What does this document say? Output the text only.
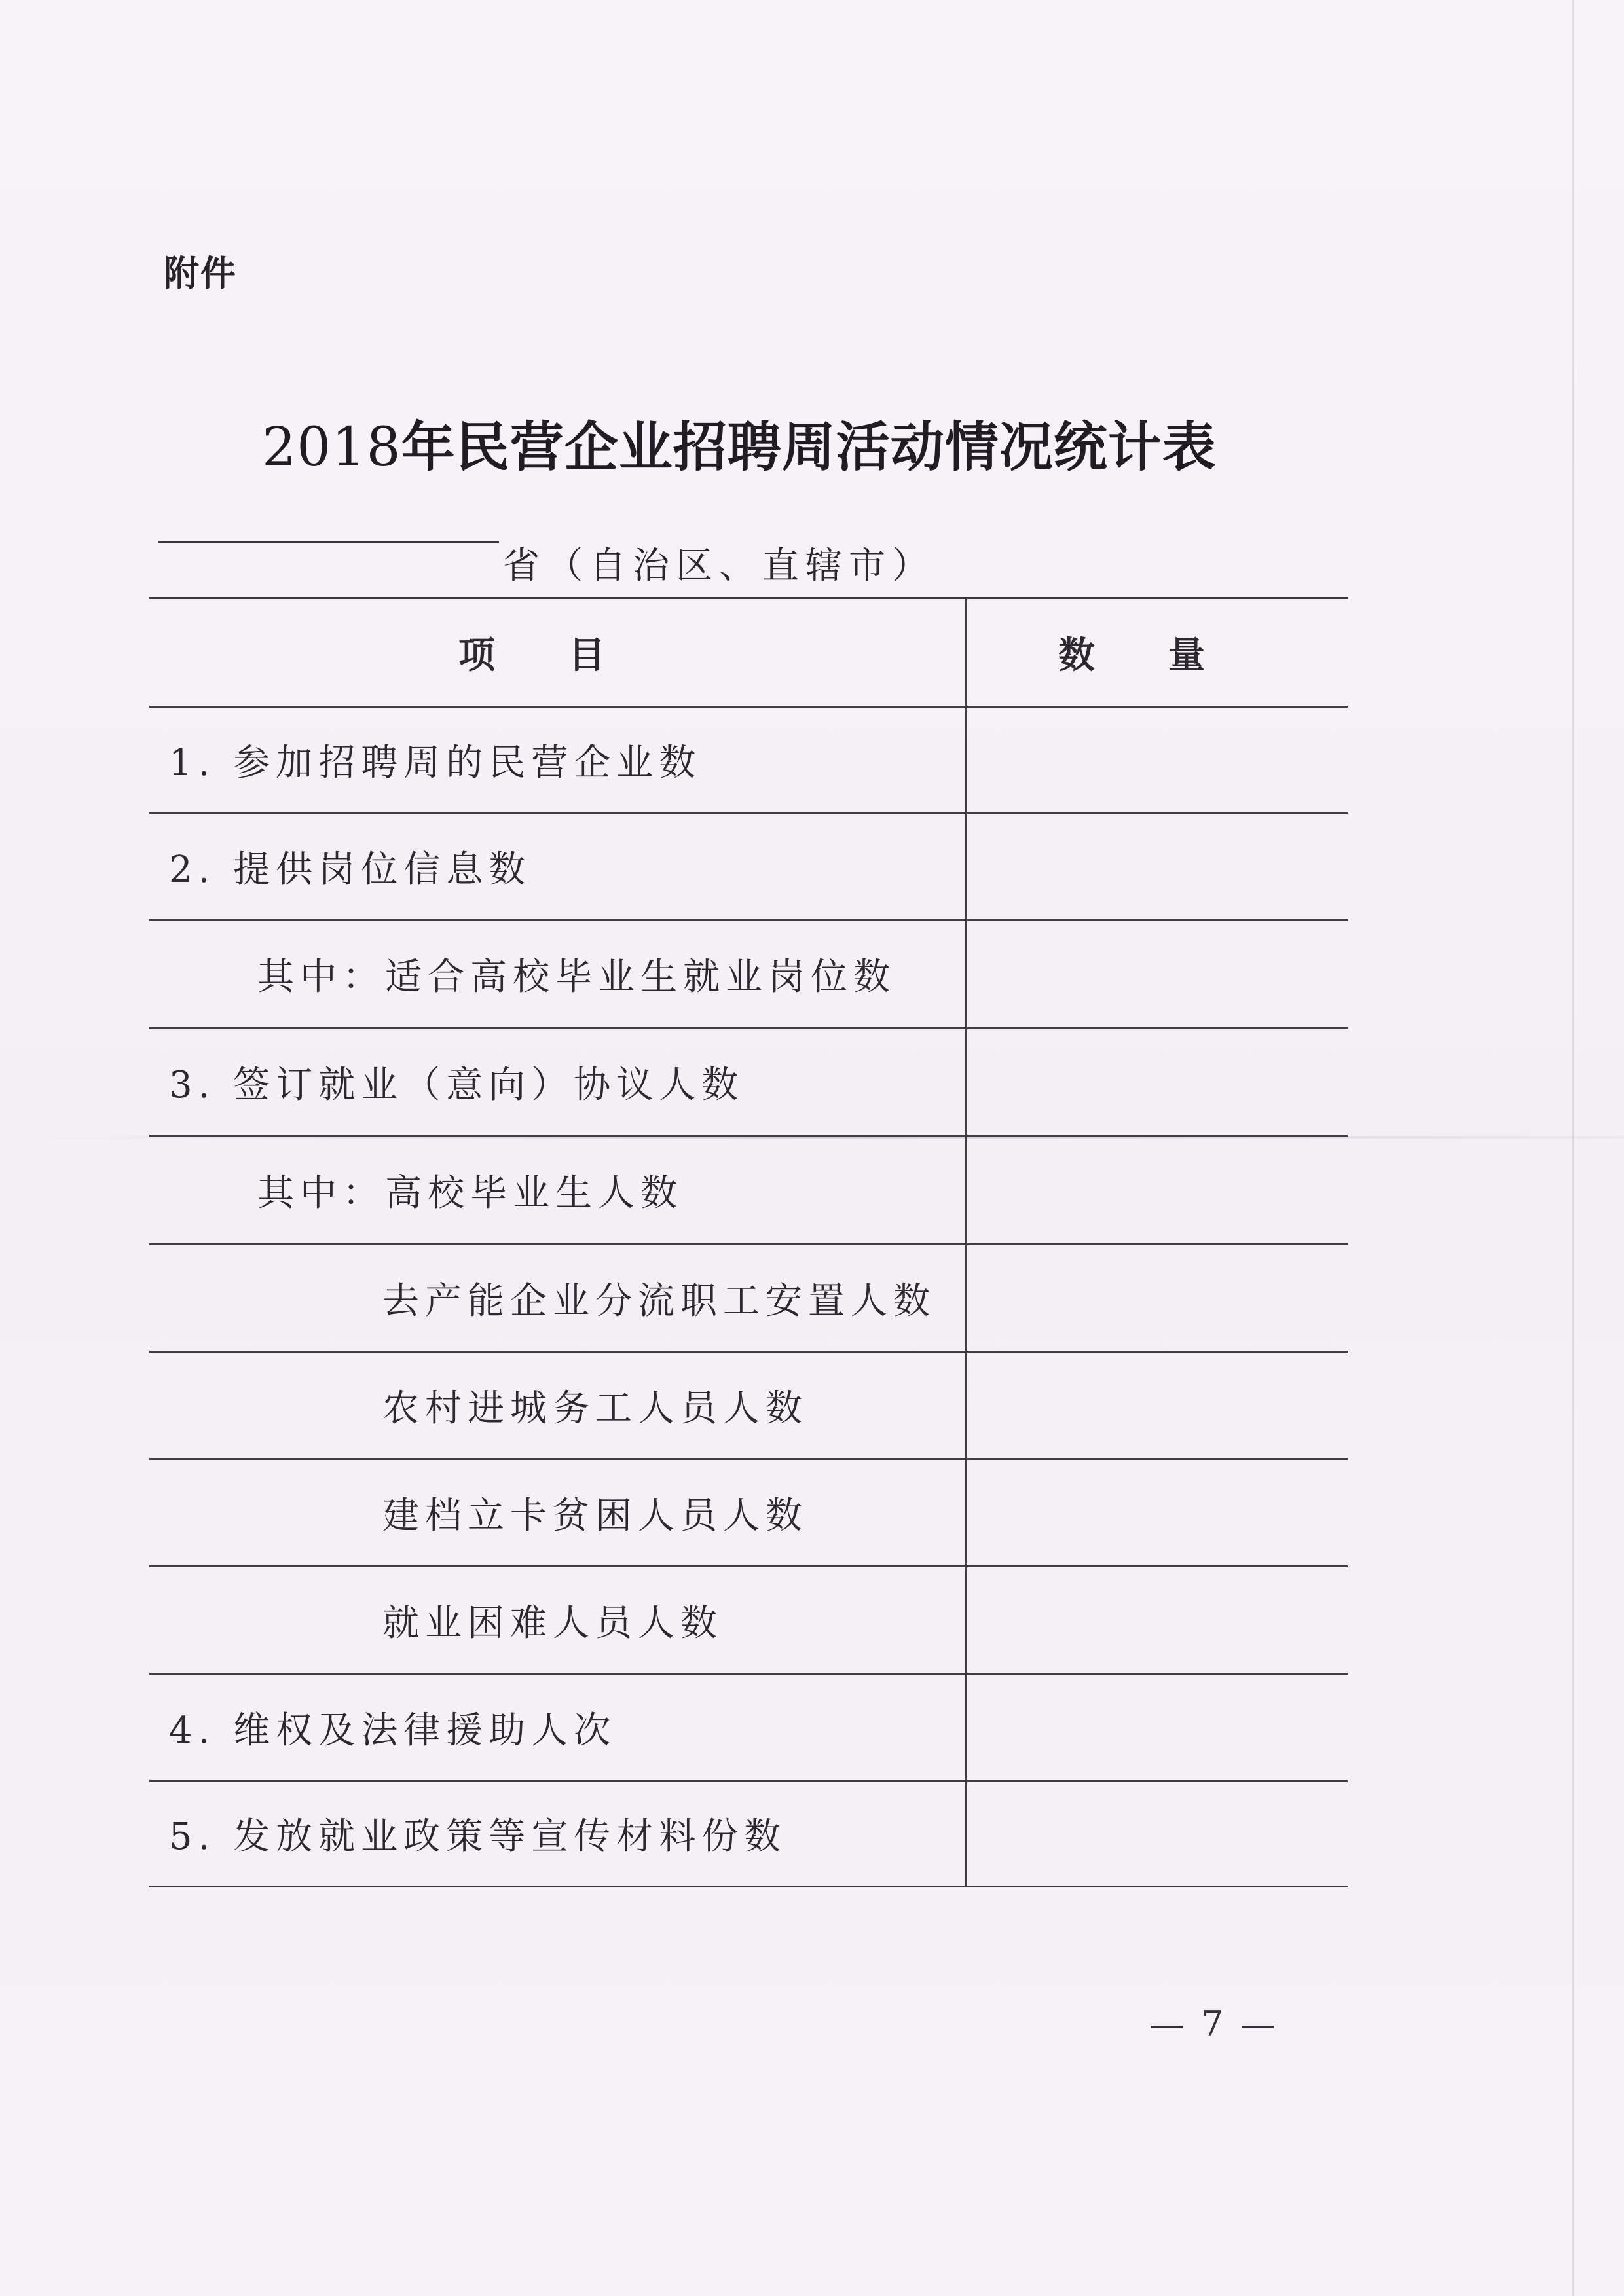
附件
2018年民营企业招聘周活动情况统计表
省（自治区、直辖市）
项　　目	数　　量
1. 参加招聘周的民营企业数
2. 提供岗位信息数
其中：适合高校毕业生就业岗位数
3. 签订就业（意向）协议人数
其中：高校毕业生人数
去产能企业分流职工安置人数
农村进城务工人员人数
建档立卡贫困人员人数
就业困难人员人数
4. 维权及法律援助人次
5. 发放就业政策等宣传材料份数
— 7 —
